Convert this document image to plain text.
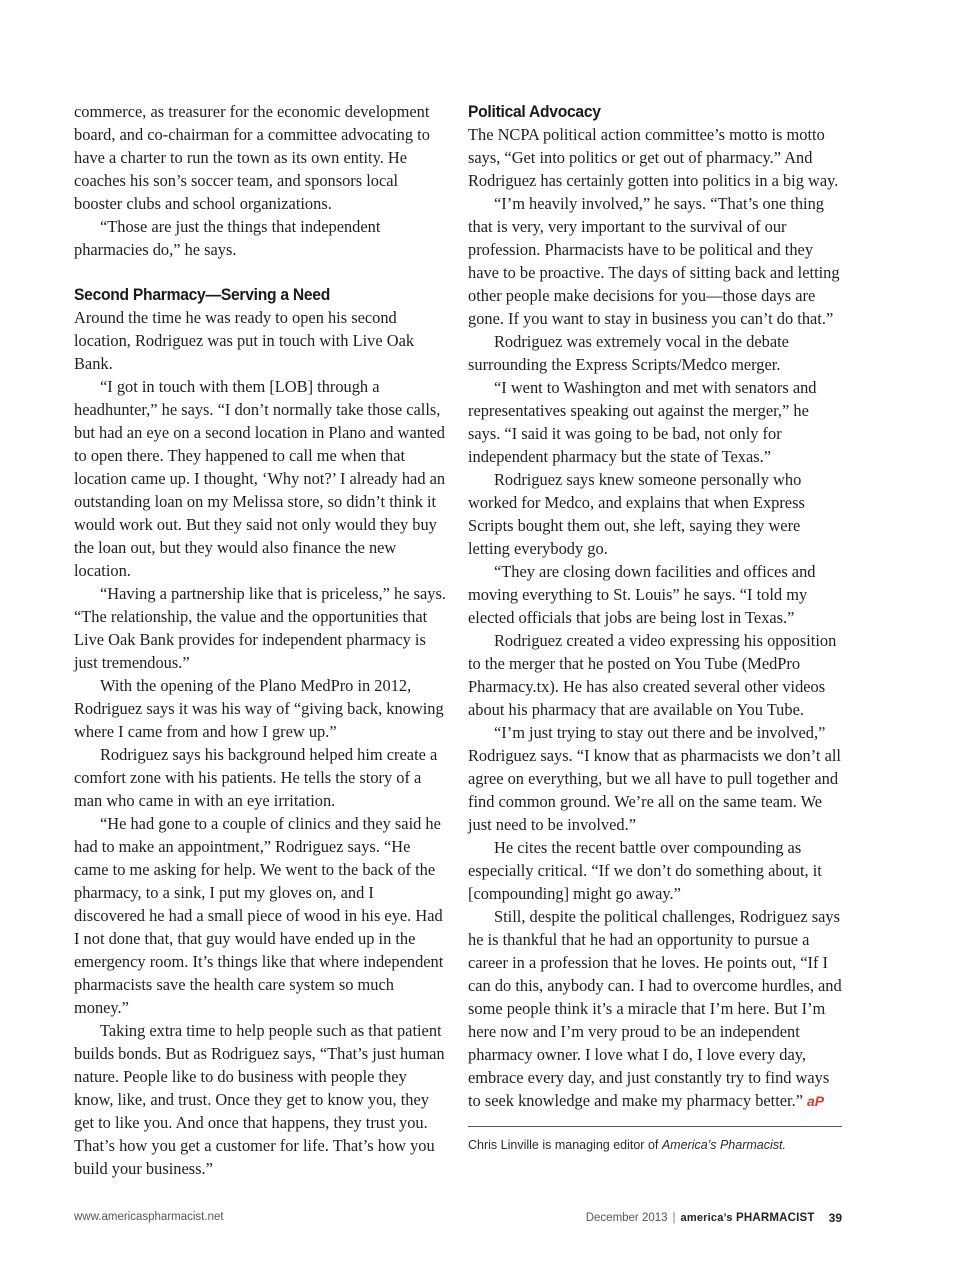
commerce, as treasurer for the economic development board, and co-chairman for a committee advocating to have a charter to run the town as its own entity. He coaches his son’s soccer team, and sponsors local booster clubs and school organizations.

“Those are just the things that independent pharmacies do,” he says.

Second Pharmacy—Serving a Need

Around the time he was ready to open his second location, Rodriguez was put in touch with Live Oak Bank.

“I got in touch with them [LOB] through a headhunter,” he says. “I don’t normally take those calls, but had an eye on a second location in Plano and wanted to open there. They happened to call me when that location came up. I thought, ‘Why not?’ I already had an outstanding loan on my Melissa store, so didn’t think it would work out. But they said not only would they buy the loan out, but they would also finance the new location.

“Having a partnership like that is priceless,” he says. “The relationship, the value and the opportunities that Live Oak Bank provides for independent pharmacy is just tremendous.”

With the opening of the Plano MedPro in 2012, Rodriguez says it was his way of “giving back, knowing where I came from and how I grew up.”

Rodriguez says his background helped him create a comfort zone with his patients. He tells the story of a man who came in with an eye irritation.

“He had gone to a couple of clinics and they said he had to make an appointment,” Rodriguez says. “He came to me asking for help. We went to the back of the pharmacy, to a sink, I put my gloves on, and I discovered he had a small piece of wood in his eye. Had I not done that, that guy would have ended up in the emergency room. It’s things like that where independent pharmacists save the health care system so much money.”

Taking extra time to help people such as that patient builds bonds. But as Rodriguez says, “That’s just human nature. People like to do business with people they know, like, and trust. Once they get to know you, they get to like you. And once that happens, they trust you. That’s how you get a customer for life. That’s how you build your business.”

Political Advocacy

The NCPA political action committee’s motto is motto says, “Get into politics or get out of pharmacy.” And Rodriguez has certainly gotten into politics in a big way.

“I’m heavily involved,” he says. “That’s one thing that is very, very important to the survival of our profession. Pharmacists have to be political and they have to be proactive. The days of sitting back and letting other people make decisions for you—those days are gone. If you want to stay in business you can’t do that.”

Rodriguez was extremely vocal in the debate surrounding the Express Scripts/Medco merger.

“I went to Washington and met with senators and representatives speaking out against the merger,” he says. “I said it was going to be bad, not only for independent pharmacy but the state of Texas.”

Rodriguez says knew someone personally who worked for Medco, and explains that when Express Scripts bought them out, she left, saying they were letting everybody go.

“They are closing down facilities and offices and moving everything to St. Louis” he says. “I told my elected officials that jobs are being lost in Texas.”

Rodriguez created a video expressing his opposition to the merger that he posted on You Tube (MedPro Pharmacy.tx). He has also created several other videos about his pharmacy that are available on You Tube.

“I’m just trying to stay out there and be involved,” Rodriguez says. “I know that as pharmacists we don’t all agree on everything, but we all have to pull together and find common ground. We’re all on the same team. We just need to be involved.”

He cites the recent battle over compounding as especially critical. “If we don’t do something about, it [compounding] might go away.”

Still, despite the political challenges, Rodriguez says he is thankful that he had an opportunity to pursue a career in a profession that he loves. He points out, “If I can do this, anybody can. I had to overcome hurdles, and some people think it’s a miracle that I’m here. But I’m here now and I’m very proud to be an independent pharmacy owner. I love what I do, I love every day, embrace every day, and just constantly try to find ways to seek knowledge and make my pharmacy better.” aP

Chris Linville is managing editor of America’s Pharmacist.
www.americaspharmacist.net	December 2013 | america’s PHARMACIST 39
